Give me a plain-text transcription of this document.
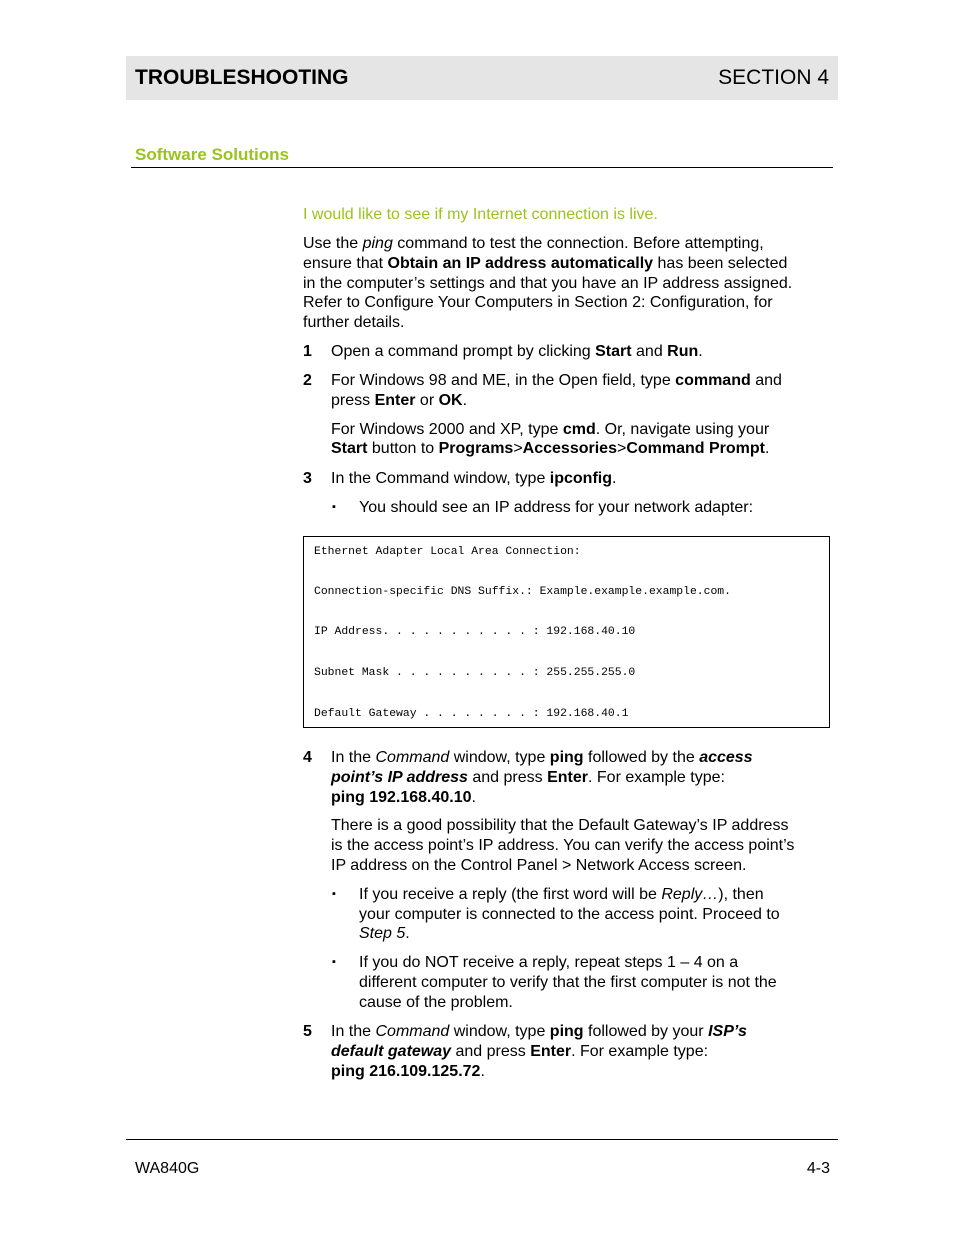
TROUBLESHOOTING	SECTION 4
Software Solutions
I would like to see if my Internet connection is live.
Use the ping command to test the connection. Before attempting,
ensure that Obtain an IP address automatically has been selected
in the computer’s settings and that you have an IP address assigned.
Refer to Configure Your Computers in Section 2: Configuration, for
further details.
1 Open a command prompt by clicking Start and Run.
2 For Windows 98 and ME, in the Open field, type command and
press Enter or OK.
For Windows 2000 and XP, type cmd. Or, navigate using your
Start button to Programs>Accessories>Command Prompt.
3 In the Command window, type ipconfig.
▪ You should see an IP address for your network adapter:
Ethernet Adapter Local Area Connection:
Connection-specific DNS Suffix.: Example.example.example.com.
IP Address. . . . . . . . . . . : 192.168.40.10
Subnet Mask . . . . . . . . . . : 255.255.255.0
Default Gateway . . . . . . . . : 192.168.40.1
4 In the Command window, type ping followed by the access
point’s IP address and press Enter. For example type:
ping 192.168.40.10.
There is a good possibility that the Default Gateway’s IP address
is the access point’s IP address. You can verify the access point’s
IP address on the Control Panel > Network Access screen.
▪ If you receive a reply (the first word will be Reply…), then
your computer is connected to the access point. Proceed to
Step 5.
▪ If you do NOT receive a reply, repeat steps 1 – 4 on a
different computer to verify that the first computer is not the
cause of the problem.
5 In the Command window, type ping followed by your ISP’s
default gateway and press Enter. For example type:
ping 216.109.125.72.
WA840G	4-3
